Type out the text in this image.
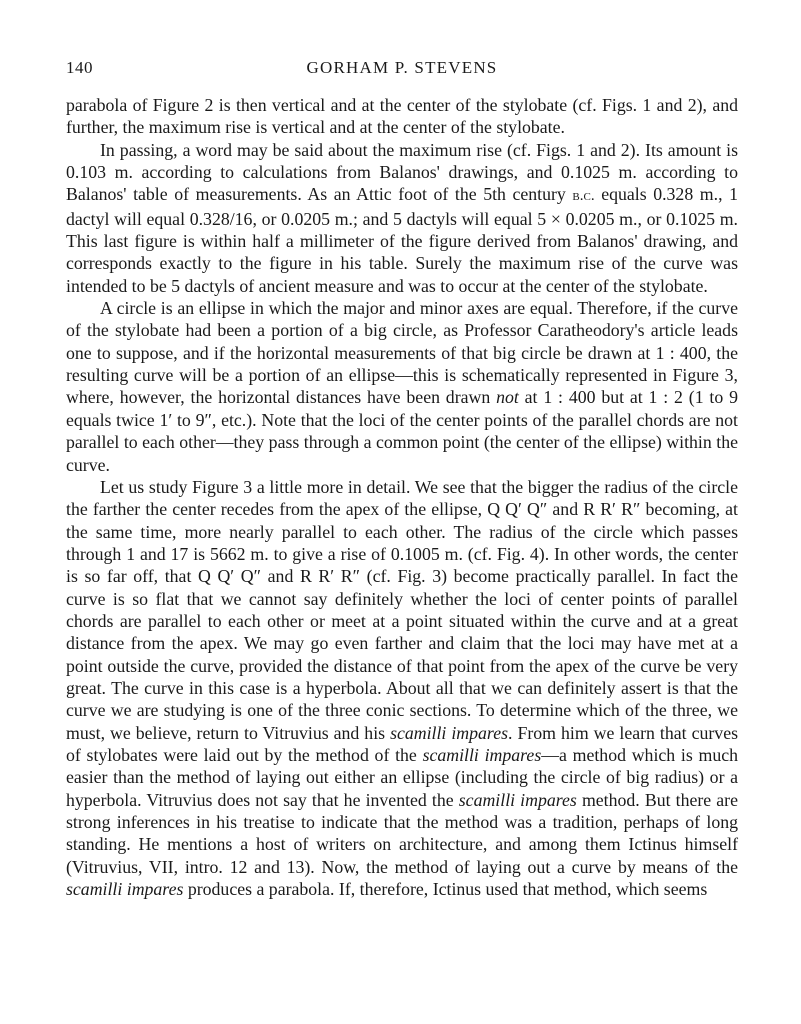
140	GORHAM P. STEVENS

parabola of Figure 2 is then vertical and at the center of the stylobate (cf. Figs. 1 and 2), and further, the maximum rise is vertical and at the center of the stylobate.

In passing, a word may be said about the maximum rise (cf. Figs. 1 and 2). Its amount is 0.103 m. according to calculations from Balanos' drawings, and 0.1025 m. according to Balanos' table of measurements. As an Attic foot of the 5th century b.c. equals 0.328 m., 1 dactyl will equal 0.328/16, or 0.0205 m.; and 5 dactyls will equal 5 × 0.0205 m., or 0.1025 m. This last figure is within half a millimeter of the figure derived from Balanos' drawing, and corresponds exactly to the figure in his table. Surely the maximum rise of the curve was intended to be 5 dactyls of ancient measure and was to occur at the center of the stylobate.

A circle is an ellipse in which the major and minor axes are equal. Therefore, if the curve of the stylobate had been a portion of a big circle, as Professor Caratheodory's article leads one to suppose, and if the horizontal measurements of that big circle be drawn at 1 : 400, the resulting curve will be a portion of an ellipse—this is schematically represented in Figure 3, where, however, the horizontal distances have been drawn not at 1 : 400 but at 1 : 2 (1 to 9 equals twice 1′ to 9″, etc.). Note that the loci of the center points of the parallel chords are not parallel to each other—they pass through a common point (the center of the ellipse) within the curve.

Let us study Figure 3 a little more in detail. We see that the bigger the radius of the circle the farther the center recedes from the apex of the ellipse, Q Q′ Q″ and R R′ R″ becoming, at the same time, more nearly parallel to each other. The radius of the circle which passes through 1 and 17 is 5662 m. to give a rise of 0.1005 m. (cf. Fig. 4). In other words, the center is so far off, that Q Q′ Q″ and R R′ R″ (cf. Fig. 3) become practically parallel. In fact the curve is so flat that we cannot say definitely whether the loci of center points of parallel chords are parallel to each other or meet at a point situated within the curve and at a great distance from the apex. We may go even farther and claim that the loci may have met at a point outside the curve, provided the distance of that point from the apex of the curve be very great. The curve in this case is a hyperbola. About all that we can definitely assert is that the curve we are studying is one of the three conic sections. To determine which of the three, we must, we believe, return to Vitruvius and his scamilli impares. From him we learn that curves of stylobates were laid out by the method of the scamilli impares—a method which is much easier than the method of laying out either an ellipse (including the circle of big radius) or a hyperbola. Vitruvius does not say that he invented the scamilli impares method. But there are strong inferences in his treatise to indicate that the method was a tradition, perhaps of long standing. He mentions a host of writers on architecture, and among them Ictinus himself (Vitruvius, VII, intro. 12 and 13). Now, the method of laying out a curve by means of the scamilli impares produces a parabola. If, therefore, Ictinus used that method, which seems
